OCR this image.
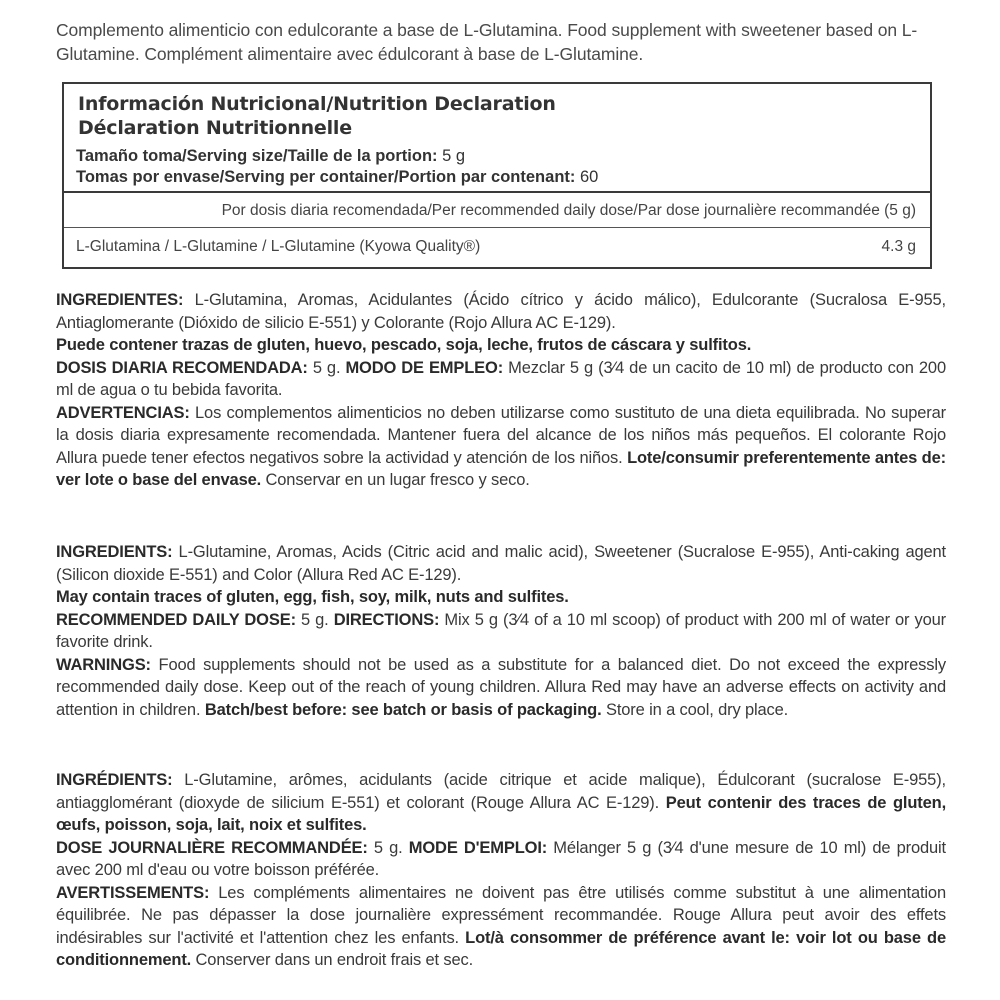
Complemento alimenticio con edulcorante a base de L-Glutamina. Food supplement with sweetener based on L-Glutamine. Complément alimentaire avec édulcorant à base de L-Glutamine.
Información Nutricional/Nutrition Declaration
Déclaration Nutritionnelle
Tamaño toma/Serving size/Taille de la portion: 5 g
Tomas por envase/Serving per container/Portion par contenant: 60
Por dosis diaria recomendada/Per recommended daily dose/Par dose journalière recommandée (5 g)
L-Glutamina / L-Glutamine / L-Glutamine (Kyowa Quality®)	4.3 g

INGREDIENTES: L-Glutamina, Aromas, Acidulantes (Ácido cítrico y ácido málico), Edulcorante (Sucralosa E-955, Antiaglomerante (Dióxido de silicio E-551) y Colorante (Rojo Allura AC E-129).

Puede contener trazas de gluten, huevo, pescado, soja, leche, frutos de cáscara y sulfitos.

DOSIS DIARIA RECOMENDADA: 5 g. MODO DE EMPLEO: Mezclar 5 g (3⁄4 de un cacito de 10 ml) de producto con 200 ml de agua o tu bebida favorita.

ADVERTENCIAS: Los complementos alimenticios no deben utilizarse como sustituto de una dieta equilibrada. No superar la dosis diaria expresamente recomendada. Mantener fuera del alcance de los niños más pequeños. El colorante Rojo Allura puede tener efectos negativos sobre la actividad y atención de los niños. Lote/consumir preferentemente antes de: ver lote o base del envase. Conservar en un lugar fresco y seco.

INGREDIENTS: L-Glutamine, Aromas, Acids (Citric acid and malic acid), Sweetener (Sucralose E-955), Anti-caking agent (Silicon dioxide E-551) and Color (Allura Red AC E-129).

May contain traces of gluten, egg, fish, soy, milk, nuts and sulfites.

RECOMMENDED DAILY DOSE: 5 g. DIRECTIONS: Mix 5 g (3⁄4 of a 10 ml scoop) of product with 200 ml of water or your favorite drink.

WARNINGS: Food supplements should not be used as a substitute for a balanced diet. Do not exceed the expressly recommended daily dose. Keep out of the reach of young children. Allura Red may have an adverse effects on activity and attention in children. Batch/best before: see batch or basis of packaging. Store in a cool, dry place.

INGRÉDIENTS: L-Glutamine, arômes, acidulants (acide citrique et acide malique), Édulcorant (sucralose E-955), antiagglomérant (dioxyde de silicium E-551) et colorant (Rouge Allura AC E-129). Peut contenir des traces de gluten, œufs, poisson, soja, lait, noix et sulfites.

DOSE JOURNALIÈRE RECOMMANDÉE: 5 g. MODE D'EMPLOI: Mélanger 5 g (3⁄4 d'une mesure de 10 ml) de produit avec 200 ml d'eau ou votre boisson préférée.

AVERTISSEMENTS: Les compléments alimentaires ne doivent pas être utilisés comme substitut à une alimentation équilibrée. Ne pas dépasser la dose journalière expressément recommandée. Rouge Allura peut avoir des effets indésirables sur l'activité et l'attention chez les enfants. Lot/à consommer de préférence avant le: voir lot ou base de conditionnement. Conserver dans un endroit frais et sec.
